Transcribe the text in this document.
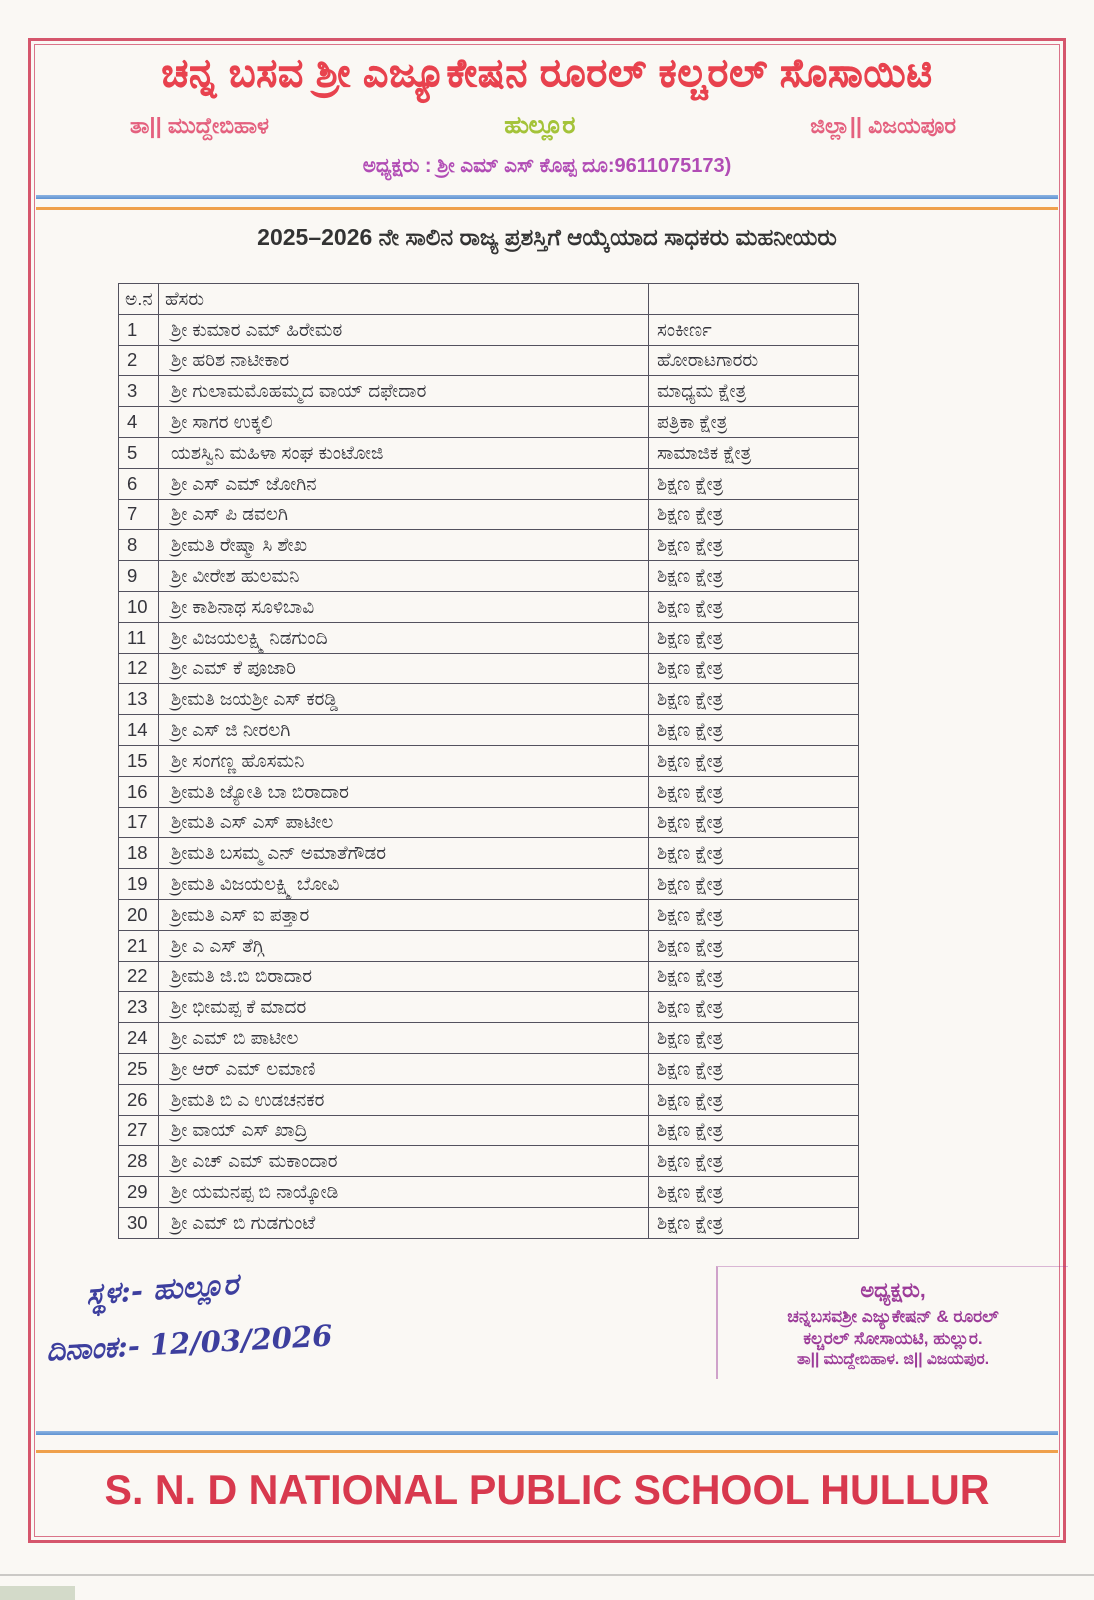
ಚನ್ನ ಬಸವ ಶ್ರೀ ಎಜ್ಯೂಕೇಷನ ರೂರಲ್ ಕಲ್ಚರಲ್ ಸೊಸಾಯಿಟಿ
ತಾ|| ಮುದ್ದೇಬಿಹಾಳ	ಹುಲ್ಲೂರ	ಜಿಲ್ಲಾ|| ವಿಜಯಪೂರ
ಅಧ್ಯಕ್ಷರು : ಶ್ರೀ ಎಮ್ ಎಸ್ ಕೊಪ್ಪ ದೂ:9611075173)
2025–2026 ನೇ ಸಾಲಿನ ರಾಜ್ಯ ಪ್ರಶಸ್ತಿಗೆ ಆಯ್ಕೆಯಾದ ಸಾಧಕರು ಮಹನೀಯರು
ಅ.ನ	ಹೆಸರು	
1	ಶ್ರೀ ಕುಮಾರ ಎಮ್ ಹಿರೇಮಠ	ಸಂಕೀರ್ಣ
2	ಶ್ರೀ ಹರಿಶ ನಾಟೀಕಾರ	ಹೋರಾಟಗಾರರು
3	ಶ್ರೀ ಗುಲಾಮಮೊಹಮ್ಮದ ವಾಯ್ ದಫೇದಾರ	ಮಾಧ್ಯಮ ಕ್ಷೇತ್ರ
4	ಶ್ರೀ ಸಾಗರ ಉಕ್ಕಲಿ	ಪತ್ರಿಕಾ ಕ್ಷೇತ್ರ
5	ಯಶಸ್ವಿನಿ ಮಹಿಳಾ ಸಂಘ ಕುಂಟೋಜಿ	ಸಾಮಾಜಿಕ ಕ್ಷೇತ್ರ
6	ಶ್ರೀ ಎಸ್ ಎಮ್ ಜೋಗಿನ	ಶಿಕ್ಷಣ ಕ್ಷೇತ್ರ
7	ಶ್ರೀ ಎಸ್ ಪಿ ಡವಲಗಿ	ಶಿಕ್ಷಣ ಕ್ಷೇತ್ರ
8	ಶ್ರೀಮತಿ ರೇಷ್ಮಾ ಸಿ ಶೇಖ	ಶಿಕ್ಷಣ ಕ್ಷೇತ್ರ
9	ಶ್ರೀ ವೀರೇಶ ಹುಲಮನಿ	ಶಿಕ್ಷಣ ಕ್ಷೇತ್ರ
10	ಶ್ರೀ ಕಾಶಿನಾಥ ಸೂಳಿಬಾವಿ	ಶಿಕ್ಷಣ ಕ್ಷೇತ್ರ
11	ಶ್ರೀ ವಿಜಯಲಕ್ಷ್ಮಿ ನಿಡಗುಂದಿ	ಶಿಕ್ಷಣ ಕ್ಷೇತ್ರ
12	ಶ್ರೀ ಎಮ್ ಕೆ ಪೂಜಾರಿ	ಶಿಕ್ಷಣ ಕ್ಷೇತ್ರ
13	ಶ್ರೀಮತಿ ಜಯಶ್ರೀ ಎಸ್ ಕರಡ್ಡಿ	ಶಿಕ್ಷಣ ಕ್ಷೇತ್ರ
14	ಶ್ರೀ ಎಸ್ ಜಿ ನೀರಲಗಿ	ಶಿಕ್ಷಣ ಕ್ಷೇತ್ರ
15	ಶ್ರೀ ಸಂಗಣ್ಣ ಹೊಸಮನಿ	ಶಿಕ್ಷಣ ಕ್ಷೇತ್ರ
16	ಶ್ರೀಮತಿ ಜ್ಯೋತಿ ಬಾ ಬಿರಾದಾರ	ಶಿಕ್ಷಣ ಕ್ಷೇತ್ರ
17	ಶ್ರೀಮತಿ ಎಸ್ ಎಸ್ ಪಾಟೀಲ	ಶಿಕ್ಷಣ ಕ್ಷೇತ್ರ
18	ಶ್ರೀಮತಿ ಬಸಮ್ಮ ಎನ್ ಅಮಾತೆಗೌಡರ	ಶಿಕ್ಷಣ ಕ್ಷೇತ್ರ
19	ಶ್ರೀಮತಿ ವಿಜಯಲಕ್ಷ್ಮಿ ಬೋವಿ	ಶಿಕ್ಷಣ ಕ್ಷೇತ್ರ
20	ಶ್ರೀಮತಿ ಎಸ್ ಐ ಪತ್ತಾರ	ಶಿಕ್ಷಣ ಕ್ಷೇತ್ರ
21	ಶ್ರೀ ಎ ಎಸ್ ತೆಗ್ಗಿ	ಶಿಕ್ಷಣ ಕ್ಷೇತ್ರ
22	ಶ್ರೀಮತಿ ಜಿ.ಬಿ ಬಿರಾದಾರ	ಶಿಕ್ಷಣ ಕ್ಷೇತ್ರ
23	ಶ್ರೀ ಭೀಮಪ್ಪ ಕೆ ಮಾದರ	ಶಿಕ್ಷಣ ಕ್ಷೇತ್ರ
24	ಶ್ರೀ ಎಮ್ ಬಿ ಪಾಟೀಲ	ಶಿಕ್ಷಣ ಕ್ಷೇತ್ರ
25	ಶ್ರೀ ಆರ್ ಎಮ್ ಲಮಾಣಿ	ಶಿಕ್ಷಣ ಕ್ಷೇತ್ರ
26	ಶ್ರೀಮತಿ ಬಿ ಎ ಉಡಚನಕರ	ಶಿಕ್ಷಣ ಕ್ಷೇತ್ರ
27	ಶ್ರೀ ವಾಯ್ ಎಸ್ ಖಾದ್ರಿ	ಶಿಕ್ಷಣ ಕ್ಷೇತ್ರ
28	ಶ್ರೀ ಎಚ್ ಎಮ್ ಮಕಾಂದಾರ	ಶಿಕ್ಷಣ ಕ್ಷೇತ್ರ
29	ಶ್ರೀ ಯಮನಪ್ಪ ಬಿ ನಾಯ್ಕೋಡಿ	ಶಿಕ್ಷಣ ಕ್ಷೇತ್ರ
30	ಶ್ರೀ ಎಮ್ ಬಿ ಗುಡಗುಂಟೆ	ಶಿಕ್ಷಣ ಕ್ಷೇತ್ರ
ಸ್ಥಳ:- ಹುಲ್ಲೂರ
ದಿನಾಂಕ:- 12/03/2026
ಅಧ್ಯಕ್ಷರು,
ಚನ್ನಬಸವಶ್ರೀ ಎಜ್ಯುಕೇಷನ್ & ರೂರಲ್
ಕಲ್ಚರಲ್ ಸೋಸಾಯಟಿ, ಹುಲ್ಲುರ.
ತಾ|| ಮುದ್ದೇಬಿಹಾಳ. ಜಿ|| ವಿಜಯಪುರ.
S. N. D NATIONAL PUBLIC SCHOOL HULLUR
